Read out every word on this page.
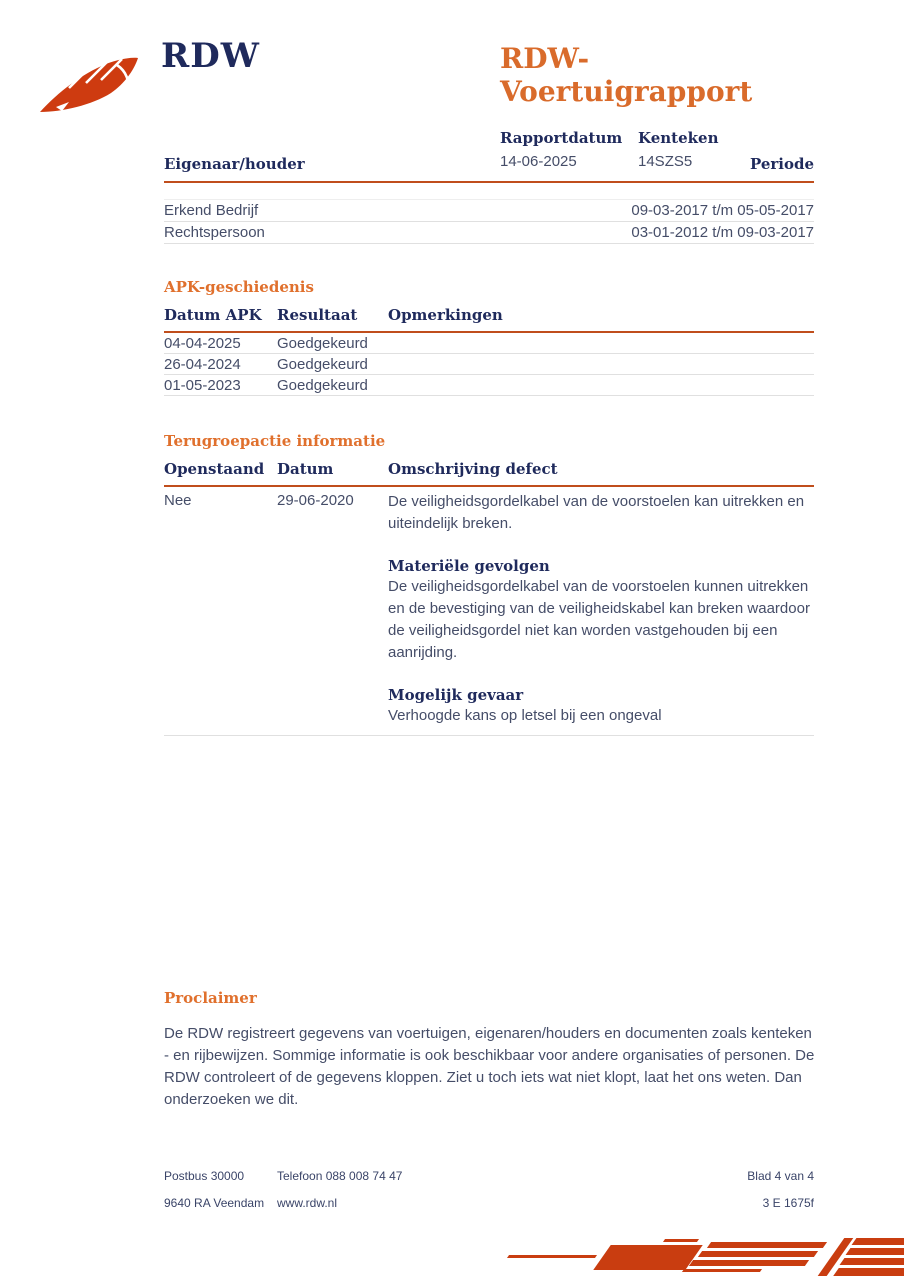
RDW	RDW-Voertuigrapport
Rapportdatum
14-06-2025
Kenteken
14SZS5
Eigenaar/houder	Periode
Erkend Bedrijf	09-03-2017 t/m 05-05-2017
Rechtspersoon	03-01-2012 t/m 09-03-2017
APK-geschiedenis
Datum APK	Resultaat	Opmerkingen
04-04-2025	Goedgekeurd
26-04-2024	Goedgekeurd
01-05-2023	Goedgekeurd
Terugroepactie informatie
Openstaand Datum	Omschrijving defect
Nee	29-06-2020	De veiligheidsgordelkabel van de voorstoelen kan uitrekken en uiteindelijk breken.

Materiële gevolgen

De veiligheidsgordelkabel van de voorstoelen kunnen uitrekken en de bevestiging van de veiligheidskabel kan breken waardoor de veiligheidsgordel niet kan worden vastgehouden bij een aanrijding.

Mogelijk gevaar

Verhoogde kans op letsel bij een ongeval

Proclaimer

De RDW registreert gegevens van voertuigen, eigenaren/houders en documenten zoals kenteken - en rijbewijzen. Sommige informatie is ook beschikbaar voor andere organisaties of personen. De RDW controleert of de gegevens kloppen. Ziet u toch iets wat niet klopt, laat het ons weten. Dan onderzoeken we dit.

Postbus 30000	Telefoon 088 008 74 47	Blad 4 van 4
9640 RA Veendam	www.rdw.nl	3 E 1675f
